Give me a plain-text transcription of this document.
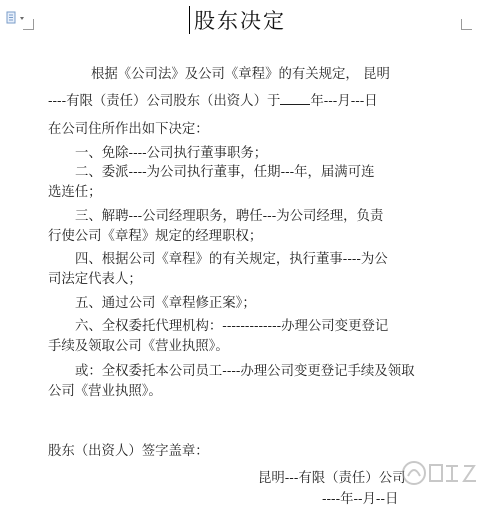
股东决定
根据《公司法》及公司《章程》的有关规定， 昆明
----有限（责任）公司股东（出资人）于 年---月---日
在公司住所作出如下决定：
一、免除----公司执行董事职务；
二、委派----为公司执行董事，任期---年，届满可连
选连任；
三、解聘---公司经理职务，聘任---为公司经理，负责
行使公司《章程》规定的经理职权；
四、根据公司《章程》的有关规定，执行董事----为公
司法定代表人；
五、通过公司《章程修正案》；
六、全权委托代理机构：-------------办理公司变更登记
手续及领取公司《营业执照》。
或：全权委托本公司员工----办理公司变更登记手续及领取
公司《营业执照》。
股东（出资人）签字盖章：
昆明---有限（责任）公司
----年--月--日
